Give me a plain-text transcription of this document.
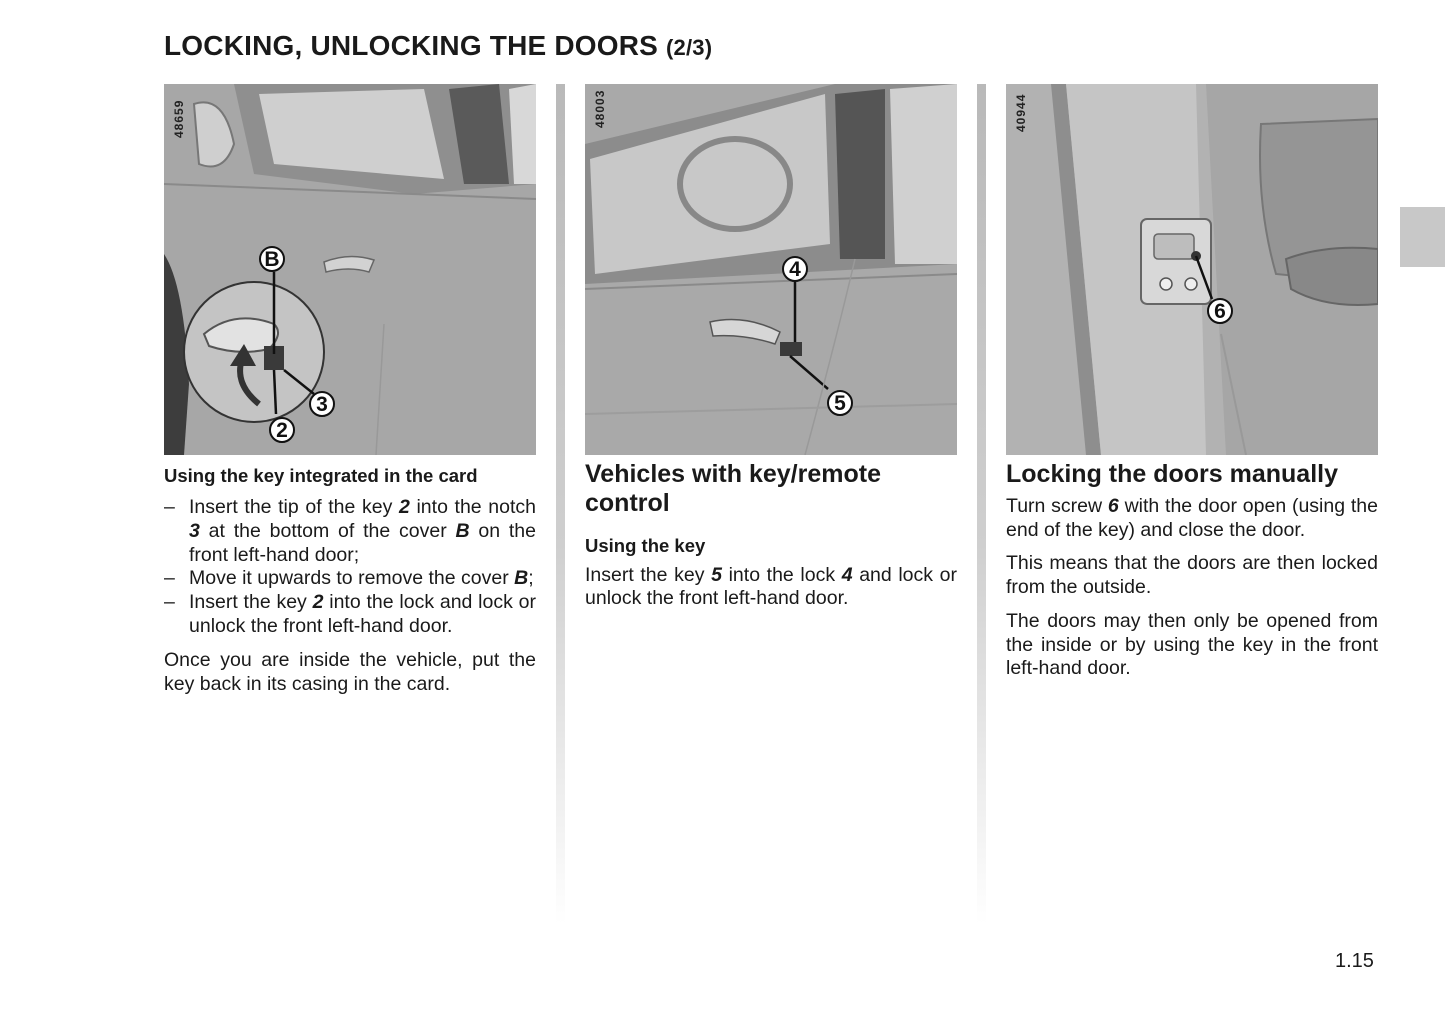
LOCKING, UNLOCKING THE DOORS (2/3)
48659
B
3
2
48003
4
5
40944
6
Using the key integrated in the card
– Insert the tip of the key 2 into the notch 3 at the bottom of the cover B on the front left-hand door;
– Move it upwards to remove the cover B;
– Insert the key 2 into the lock and lock or unlock the front left-hand door.

Once you are inside the vehicle, put the key back in its casing in the card.

Vehicles with key/remote control
Using the key

Insert the key 5 into the lock 4 and lock or unlock the front left-hand door.

Locking the doors manually

Turn screw 6 with the door open (using the end of the key) and close the door.

This means that the doors are then locked from the outside.

The doors may then only be opened from the inside or by using the key in the front left-hand door.

1.15
